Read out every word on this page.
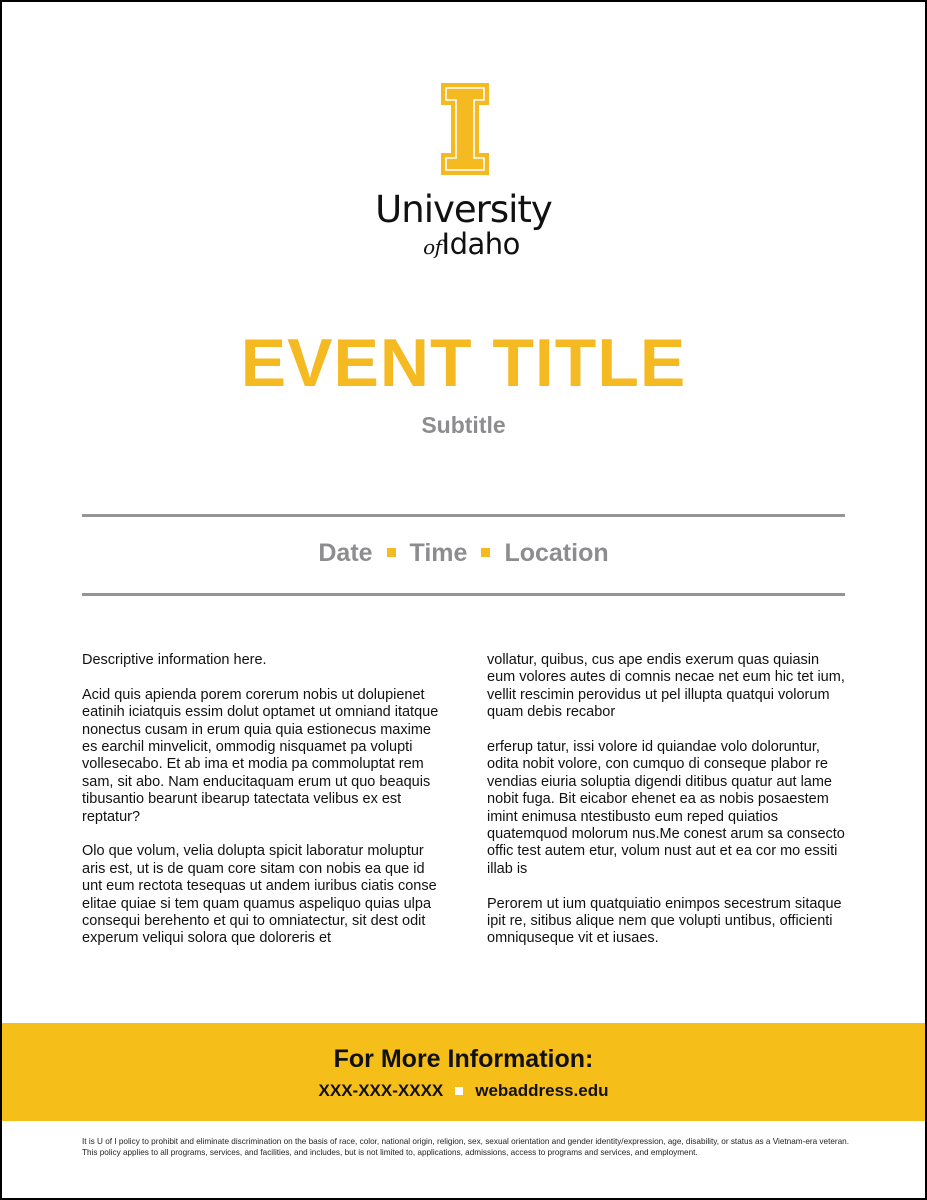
University
ofIdaho
EVENT TITLE
Subtitle
Date Time Location

Descriptive information here.

Acid quis apienda porem corerum nobis ut dolupienet eatinih iciatquis essim dolut optamet ut omniand itatque nonectus cusam in erum quia quia estionecus maxime es earchil minvelicit, ommodig nisquamet pa volupti vollesecabo. Et ab ima et modia pa commoluptat rem sam, sit abo. Nam enducitaquam erum ut quo beaquis tibusantio bearunt ibearup tatectata velibus ex est reptatur?

Olo que volum, velia dolupta spicit laboratur moluptur aris est, ut is de quam core sitam con nobis ea que id unt eum rectota tesequas ut andem iuribus ciatis conse elitae quiae si tem quam quamus aspeliquo quias ulpa consequi berehento et qui to omniatectur, sit dest odit experum veliqui solora que doloreris et

vollatur, quibus, cus ape endis exerum quas quiasin eum volores autes di comnis necae net eum hic tet ium, vellit rescimin perovidus ut pel illupta quatqui volorum quam debis recabor

erferup tatur, issi volore id quiandae volo doloruntur, odita nobit volore, con cumquo di conseque plabor re vendias eiuria soluptia digendi ditibus quatur aut lame nobit fuga. Bit eicabor ehenet ea as nobis posaestem imint enimusa ntestibusto eum reped quiatios quatemquod molorum nus.Me conest arum sa consecto offic test autem etur, volum nust aut et ea cor mo essiti illab is

Perorem ut ium quatquiatio enimpos secestrum sitaque ipit re, sitibus alique nem que volupti untibus, officienti omniquseque vit et iusaes.

For More Information:
XXX-XXX-XXXX webaddress.edu
It is U of I policy to prohibit and eliminate discrimination on the basis of race, color, national origin, religion, sex, sexual orientation and gender identity/expression, age, disability, or status as a Vietnam-era veteran. This policy applies to all programs, services, and facilities, and includes, but is not limited to, applications, admissions, access to programs and services, and employment.
